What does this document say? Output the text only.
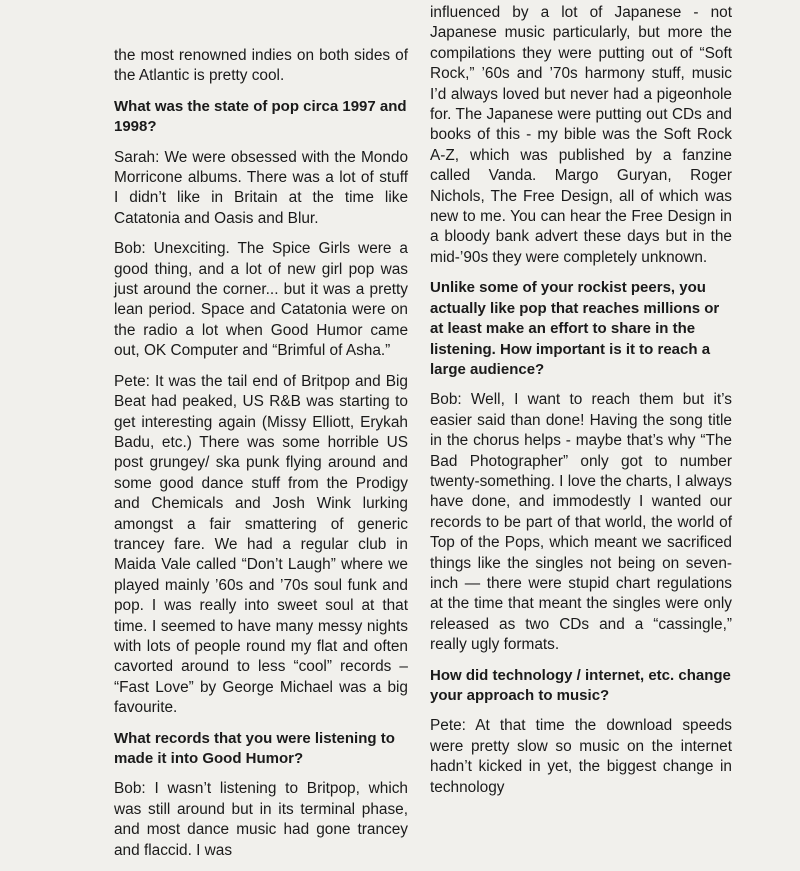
the most renowned indies on both sides of the Atlantic is pretty cool.

What was the state of pop circa 1997 and 1998?

Sarah: We were obsessed with the Mondo Morricone albums. There was a lot of stuff I didn’t like in Britain at the time like Catatonia and Oasis and Blur.

Bob: Unexciting. The Spice Girls were a good thing, and a lot of new girl pop was just around the corner... but it was a pretty lean period. Space and Catatonia were on the radio a lot when Good Humor came out, OK Computer and “Brimful of Asha.”

Pete: It was the tail end of Britpop and Big Beat had peaked, US R&B was starting to get interesting again (Missy Elliott, Erykah Badu, etc.) There was some horrible US post grungey/ ska punk flying around and some good dance stuff from the Prodigy and Chemicals and Josh Wink lurking amongst a fair smattering of generic trancey fare. We had a regular club in Maida Vale called “Don’t Laugh” where we played mainly ’60s and ’70s soul funk and pop. I was really into sweet soul at that time. I seemed to have many messy nights with lots of people round my flat and often cavorted around to less “cool” records – “Fast Love” by George Michael was a big favourite.

What records that you were listening to made it into Good Humor?

Bob: I wasn’t listening to Britpop, which was still around but in its terminal phase, and most dance music had gone trancey and flaccid. I was

influenced by a lot of Japanese - not Japanese music particularly, but more the compilations they were putting out of “Soft Rock,” ’60s and ’70s harmony stuff, music I’d always loved but never had a pigeonhole for. The Japanese were putting out CDs and books of this - my bible was the Soft Rock A-Z, which was published by a fanzine called Vanda. Margo Guryan, Roger Nichols, The Free Design, all of which was new to me. You can hear the Free Design in a bloody bank advert these days but in the mid-’90s they were completely unknown.

Unlike some of your rockist peers, you actually like pop that reaches millions or at least make an effort to share in the listening. How important is it to reach a large audience?

Bob: Well, I want to reach them but it’s easier said than done! Having the song title in the chorus helps - maybe that’s why “The Bad Photographer” only got to number twenty-something. I love the charts, I always have done, and immodestly I wanted our records to be part of that world, the world of Top of the Pops, which meant we sacrificed things like the singles not being on seven-inch — there were stupid chart regulations at the time that meant the singles were only released as two CDs and a “cassingle,” really ugly formats.

How did technology / internet, etc. change your approach to music?

Pete: At that time the download speeds were pretty slow so music on the internet hadn’t kicked in yet, the biggest change in technology
